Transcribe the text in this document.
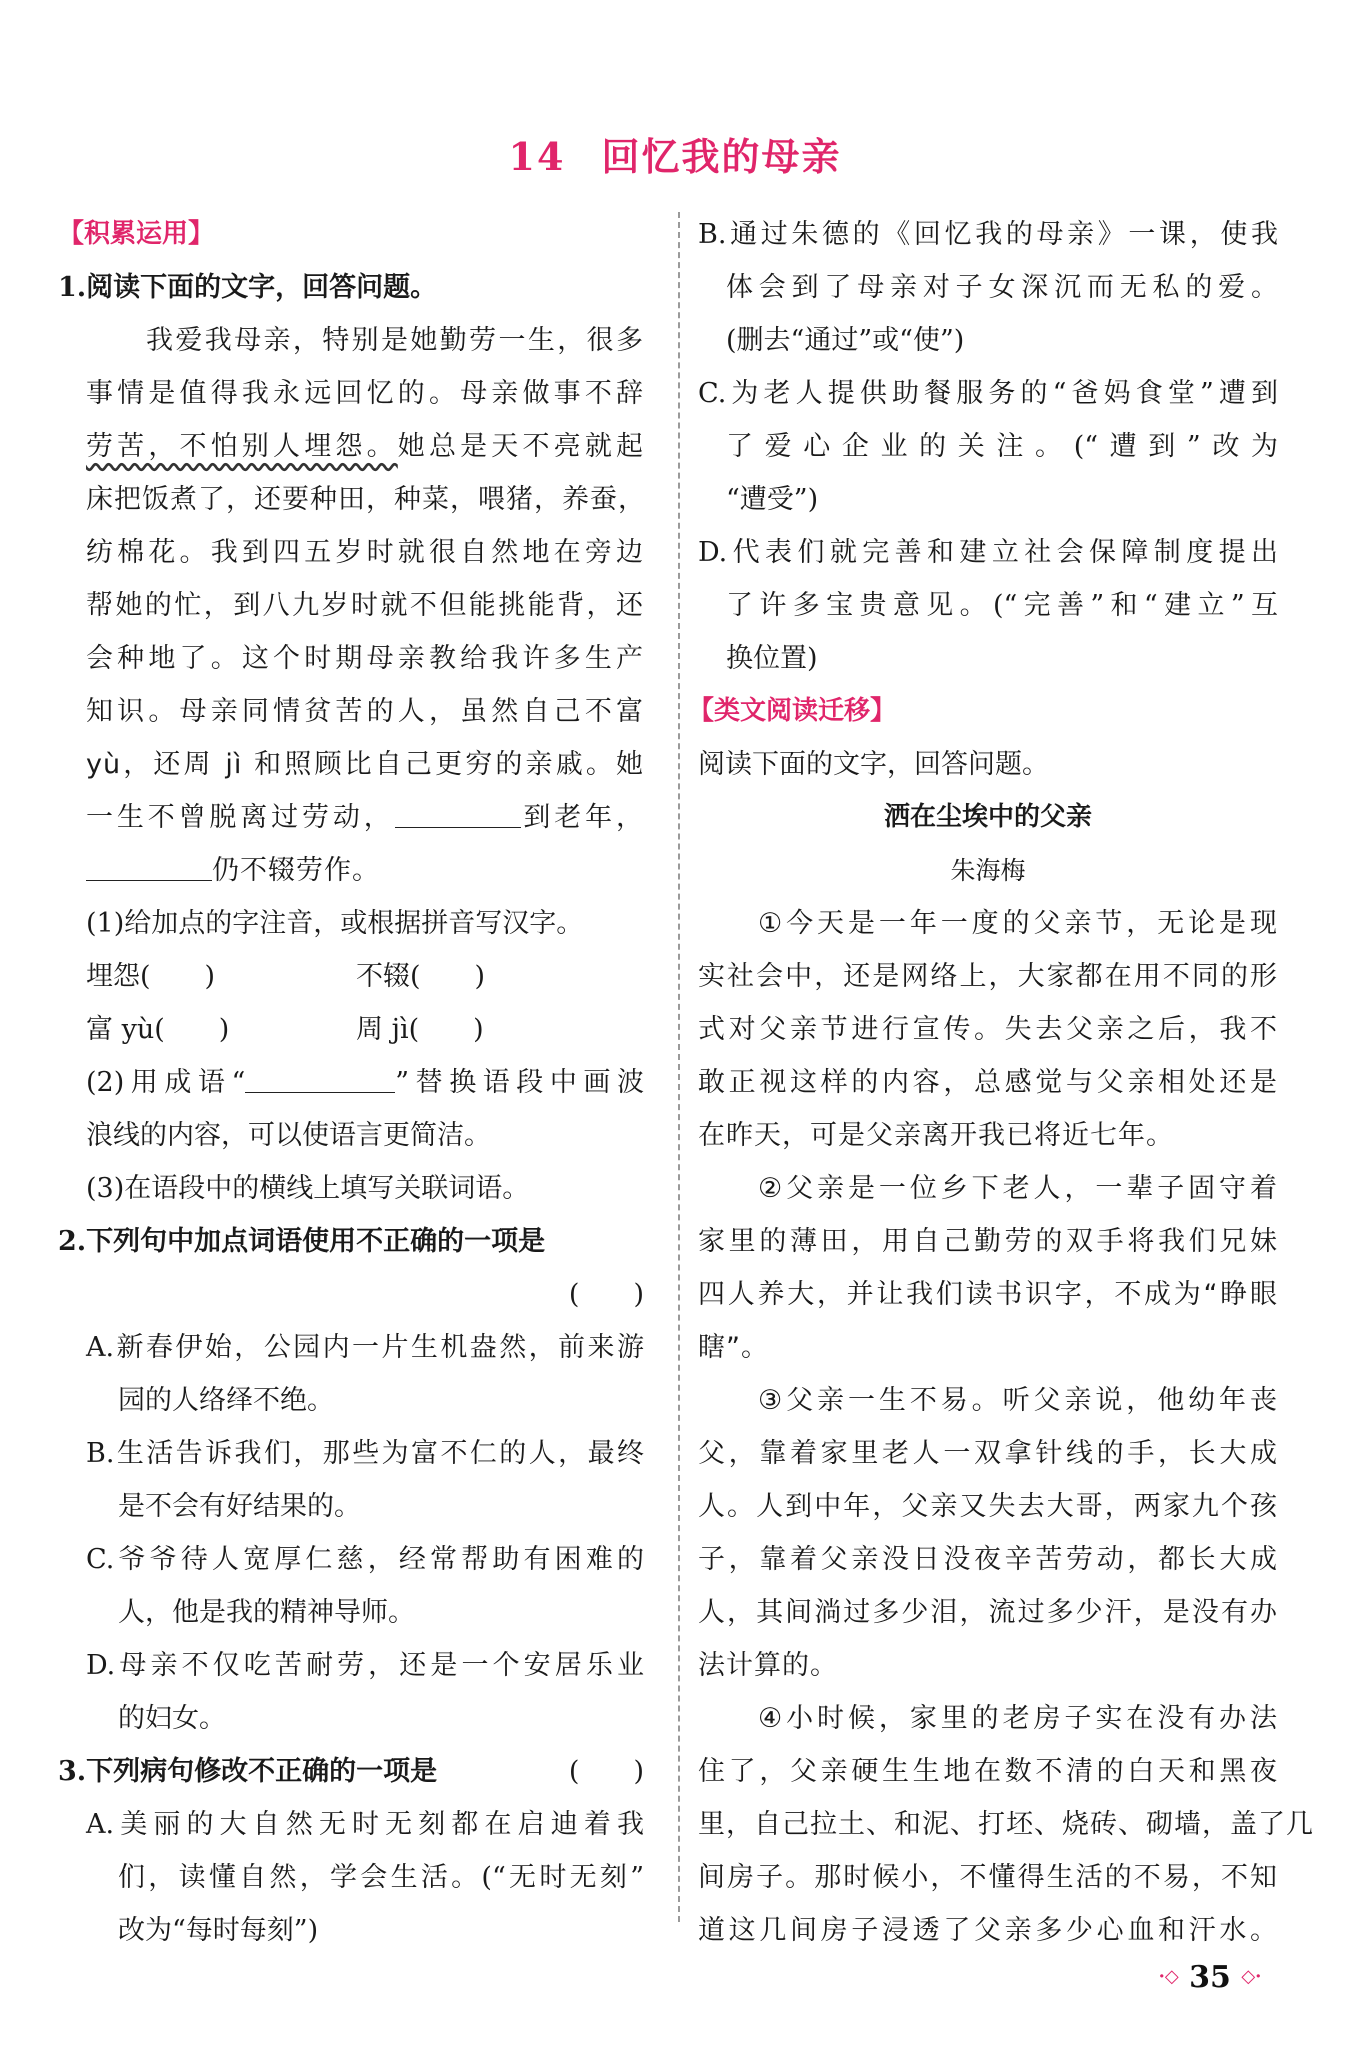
14 回忆我的母亲
【积累运用】
1.阅读下面的文字，回答问题。
我爱我母亲，特别是她勤劳一生，很多
事情是值得我永远回忆的。母亲做事不辞
劳苦，不怕别人埋怨。她总是天不亮就起
床把饭煮了，还要种田，种菜，喂猪，养蚕，
纺棉花。我到四五岁时就很自然地在旁边
帮她的忙，到八九岁时就不但能挑能背，还
会种地了。这个时期母亲教给我许多生产
知识。母亲同情贫苦的人，虽然自己不富
yù，还周 jì 和照顾比自己更穷的亲戚。她
一生不曾脱离过劳动，	到老年，
仍不辍劳作。
(1)给加点的字注音，或根据拼音写汉字。
埋怨(　　)	不辍(　　)
富 yù(　　)	周 jì(　　)
(2)用成语“	”替换语段中画波
浪线的内容，可以使语言更简洁。
(3)在语段中的横线上填写关联词语。
2.下列句中加点词语使用不正确的一项是
(　　)
A.新春伊始，公园内一片生机盎然，前来游
园的人络绎不绝。
B.生活告诉我们，那些为富不仁的人，最终
是不会有好结果的。
C.爷爷待人宽厚仁慈，经常帮助有困难的
人，他是我的精神导师。
D.母亲不仅吃苦耐劳，还是一个安居乐业
的妇女。
3.下列病句修改不正确的一项是	(　　)
A.美丽的大自然无时无刻都在启迪着我
们，读懂自然，学会生活。(“无时无刻”
改为“每时每刻”)
B.通过朱德的《回忆我的母亲》一课，使我
体会到了母亲对子女深沉而无私的爱。
(删去“通过”或“使”)
C.为老人提供助餐服务的“爸妈食堂”遭到
了爱心企业的关注。(“遭到”改为
“遭受”)
D.代表们就完善和建立社会保障制度提出
了许多宝贵意见。(“完善”和“建立”互
换位置)
【类文阅读迁移】
阅读下面的文字，回答问题。
洒在尘埃中的父亲
朱海梅
①今天是一年一度的父亲节，无论是现
实社会中，还是网络上，大家都在用不同的形
式对父亲节进行宣传。失去父亲之后，我不
敢正视这样的内容，总感觉与父亲相处还是
在昨天，可是父亲离开我已将近七年。
②父亲是一位乡下老人，一辈子固守着
家里的薄田，用自己勤劳的双手将我们兄妹
四人养大，并让我们读书识字，不成为“睁眼
瞎”。
③父亲一生不易。听父亲说，他幼年丧
父，靠着家里老人一双拿针线的手，长大成
人。人到中年，父亲又失去大哥，两家九个孩
子，靠着父亲没日没夜辛苦劳动，都长大成
人，其间淌过多少泪，流过多少汗，是没有办
法计算的。
④小时候，家里的老房子实在没有办法
住了，父亲硬生生地在数不清的白天和黑夜
里，自己拉土、和泥、打坯、烧砖、砌墙，盖了几
间房子。那时候小，不懂得生活的不易，不知
道这几间房子浸透了父亲多少心血和汗水。
·◇ 35 ◇·
